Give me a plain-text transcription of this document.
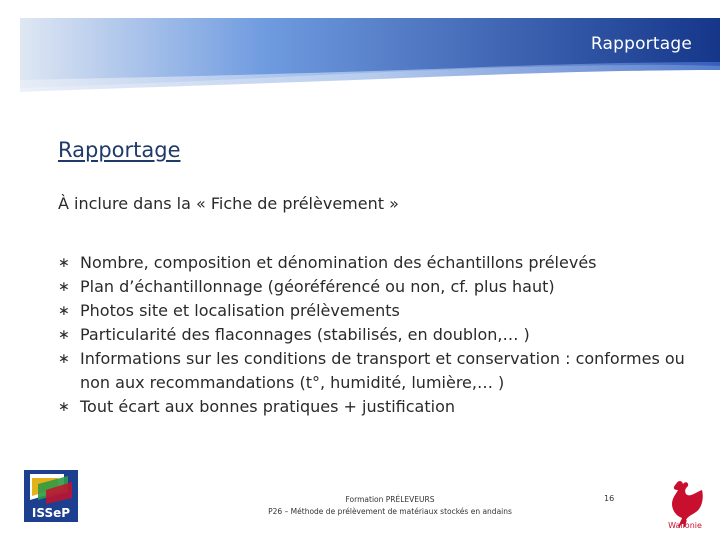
Rapportage
Rapportage
À inclure dans la « Fiche de prélèvement »
∗ Nombre, composition et dénomination des échantillons prélevés
∗ Plan d’échantillonnage (géoréférencé ou non, cf. plus haut)
∗ Photos site et localisation prélèvements
∗ Particularité des flaconnages (stabilisés, en doublon,… )
∗ Informations sur les conditions de transport et conservation : conformes ou non aux recommandations (t°, humidité, lumière,… )
∗ Tout écart aux bonnes pratiques + justification
ISSeP
Formation PRÉLEVEURS
P26 – Méthode de prélèvement de matériaux stockés en andains
16
Wallonie
